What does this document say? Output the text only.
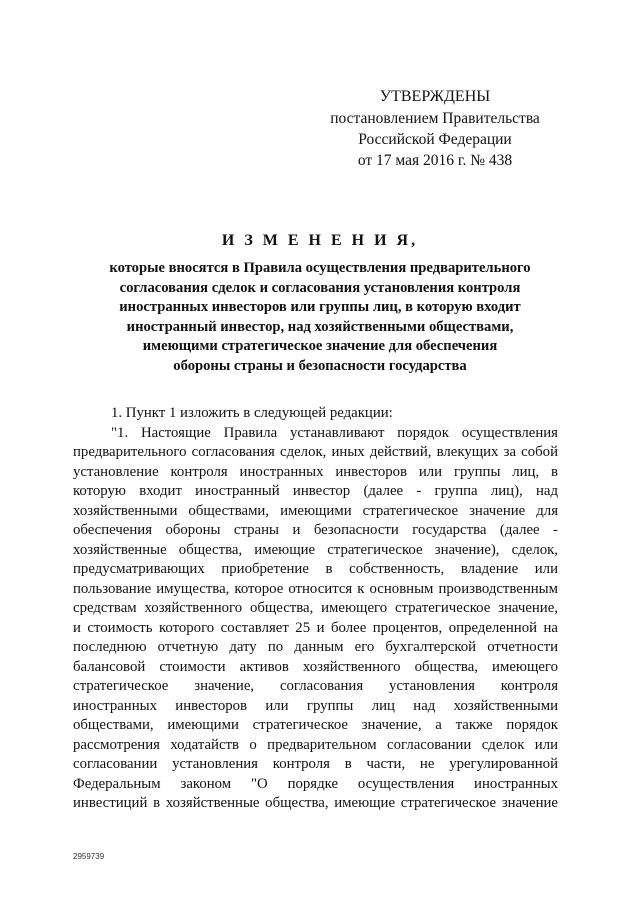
УТВЕРЖДЕНЫ
постановлением Правительства
Российской Федерации
от 17 мая 2016 г. № 438
И З М Е Н Е Н И Я,
которые вносятся в Правила осуществления предварительного
согласования сделок и согласования установления контроля
иностранных инвесторов или группы лиц, в которую входит
иностранный инвестор, над хозяйственными обществами,
имеющими стратегическое значение для обеспечения
обороны страны и безопасности государства
1. Пункт 1 изложить в следующей редакции:
"1. Настоящие Правила устанавливают порядок осуществления
предварительного согласования сделок, иных действий, влекущих за собой
установление контроля иностранных инвесторов или группы лиц, в
которую входит иностранный инвестор (далее - группа лиц), над
хозяйственными обществами, имеющими стратегическое значение для
обеспечения обороны страны и безопасности государства (далее -
хозяйственные общества, имеющие стратегическое значение), сделок,
предусматривающих приобретение в собственность, владение или
пользование имущества, которое относится к основным производственным
средствам хозяйственного общества, имеющего стратегическое значение,
и стоимость которого составляет 25 и более процентов, определенной на
последнюю отчетную дату по данным его бухгалтерской отчетности
балансовой стоимости активов хозяйственного общества, имеющего
стратегическое значение, согласования установления контроля
иностранных инвесторов или группы лиц над хозяйственными
обществами, имеющими стратегическое значение, а также порядок
рассмотрения ходатайств о предварительном согласовании сделок или
согласовании установления контроля в части, не урегулированной
Федеральным законом "О порядке осуществления иностранных
инвестиций в хозяйственные общества, имеющие стратегическое значение
2959739
